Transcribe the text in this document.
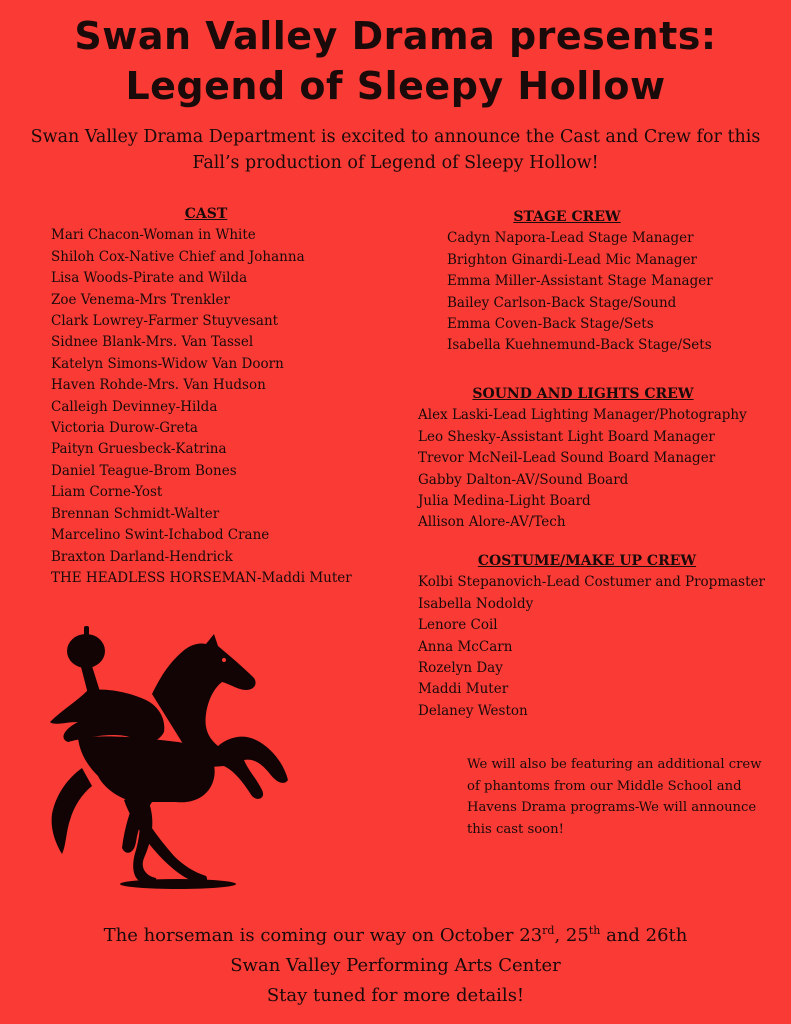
Swan Valley Drama presents:
Legend of Sleepy Hollow
Swan Valley Drama Department is excited to announce the Cast and Crew for this Fall’s production of Legend of Sleepy Hollow!
CAST
Mari Chacon-Woman in White
Shiloh Cox-Native Chief and Johanna
Lisa Woods-Pirate and Wilda
Zoe Venema-Mrs Trenkler
Clark Lowrey-Farmer Stuyvesant
Sidnee Blank-Mrs. Van Tassel
Katelyn Simons-Widow Van Doorn
Haven Rohde-Mrs. Van Hudson
Calleigh Devinney-Hilda
Victoria Durow-Greta
Paityn Gruesbeck-Katrina
Daniel Teague-Brom Bones
Liam Corne-Yost
Brennan Schmidt-Walter
Marcelino Swint-Ichabod Crane
Braxton Darland-Hendrick
THE HEADLESS HORSEMAN-Maddi Muter
STAGE CREW
Cadyn Napora-Lead Stage Manager
Brighton Ginardi-Lead Mic Manager
Emma Miller-Assistant Stage Manager
Bailey Carlson-Back Stage/Sound
Emma Coven-Back Stage/Sets
Isabella Kuehnemund-Back Stage/Sets
SOUND AND LIGHTS CREW
Alex Laski-Lead Lighting Manager/Photography
Leo Shesky-Assistant Light Board Manager
Trevor McNeil-Lead Sound Board Manager
Gabby Dalton-AV/Sound Board
Julia Medina-Light Board
Allison Alore-AV/Tech
COSTUME/MAKE UP CREW
Kolbi Stepanovich-Lead Costumer and Propmaster
Isabella Nodoldy
Lenore Coil
Anna McCarn
Rozelyn Day
Maddi Muter
Delaney Weston
We will also be featuring an additional crew of phantoms from our Middle School and Havens Drama programs-We will announce this cast soon!
The horseman is coming our way on October 23rd, 25th and 26th
Swan Valley Performing Arts Center
Stay tuned for more details!
